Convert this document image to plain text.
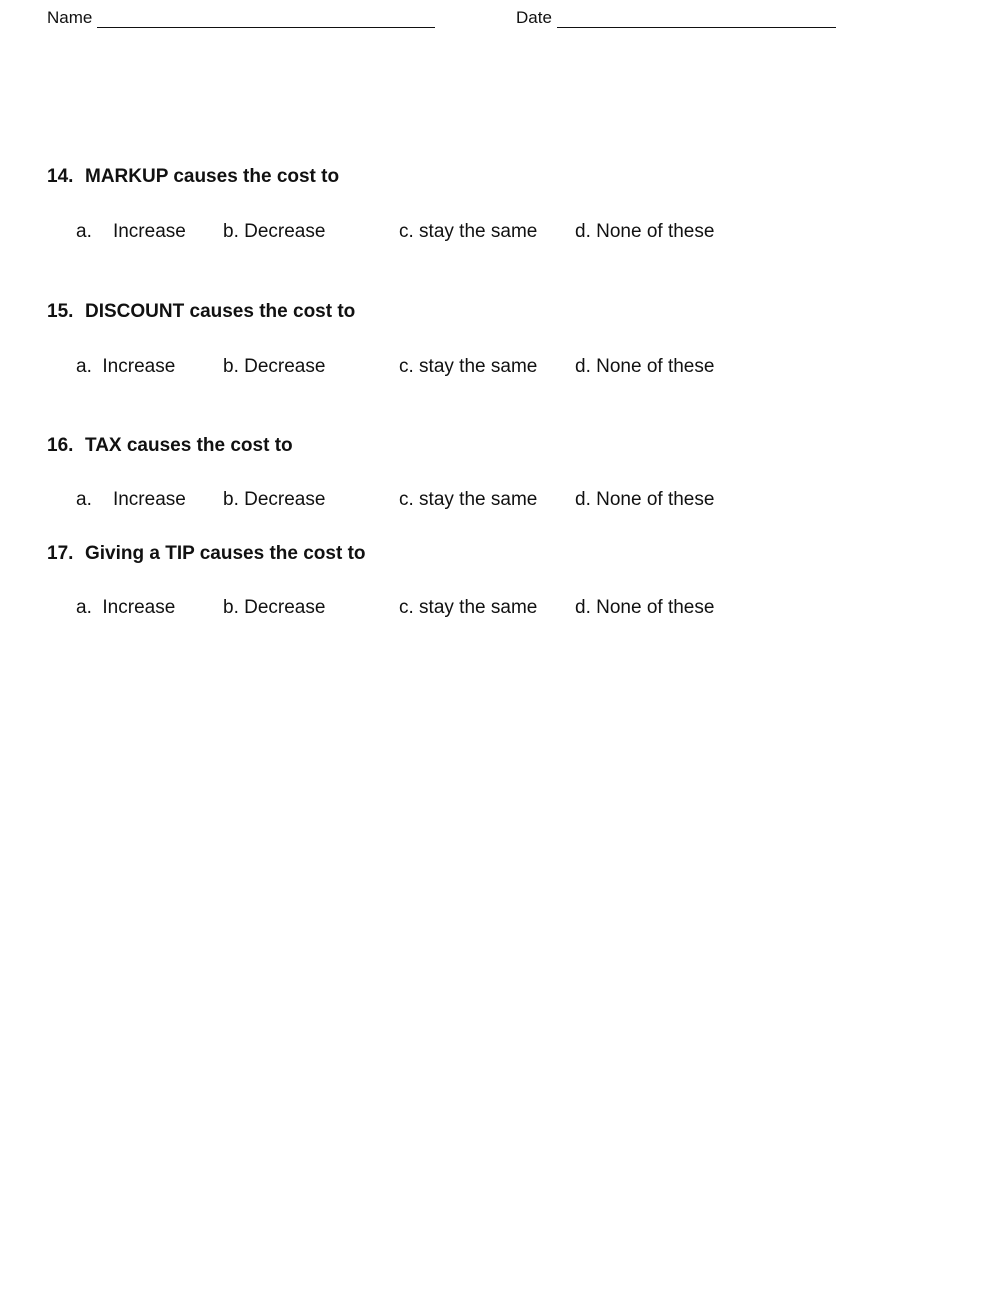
Name	Date
14. MARKUP causes the cost to
a.    Increase b. Decrease	c. stay the same d. None of these
15. DISCOUNT causes the cost to
a.  Increase	b. Decrease	c. stay the same d. None of these
16. TAX causes the cost to
a.    Increase b. Decrease	c. stay the same d. None of these
17. Giving a TIP causes the cost to
a.  Increase	b. Decrease	c. stay the same d. None of these
